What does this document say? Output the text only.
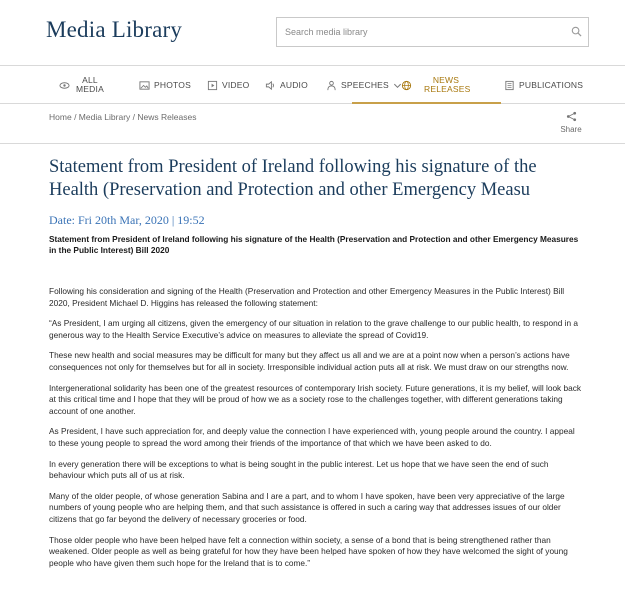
Media Library
Search media library
ALL MEDIA	PHOTOS	VIDEO	AUDIO	SPEECHES	NEWS RELEASES	PUBLICATIONS
Home / Media Library / News Releases
Share
Statement from President of Ireland following his signature of the Health (Preservation and Protection and other Emergency Measu
Date: Fri 20th Mar, 2020 | 19:52
Statement from President of Ireland following his signature of the Health (Preservation and Protection and other Emergency Measures in the Public Interest) Bill 2020

Following his consideration and signing of the Health (Preservation and Protection and other Emergency Measures in the Public Interest) Bill 2020, President Michael D. Higgins has released the following statement:

“As President, I am urging all citizens, given the emergency of our situation in relation to the grave challenge to our public health, to respond in a generous way to the Health Service Executive’s advice on measures to alleviate the spread of Covid19.

These new health and social measures may be difficult for many but they affect us all and we are at a point now when a person’s actions have consequences not only for themselves but for all in society. Irresponsible individual action puts all at risk. We must draw on our strengths now.

Intergenerational solidarity has been one of the greatest resources of contemporary Irish society. Future generations, it is my belief, will look back at this critical time and I hope that they will be proud of how we as a society rose to the challenges together, with different generations taking account of one another.

As President, I have such appreciation for, and deeply value the connection I have experienced with, young people around the country. I appeal to these young people to spread the word among their friends of the importance of that which we have been asked to do.

In every generation there will be exceptions to what is being sought in the public interest. Let us hope that we have seen the end of such behaviour which puts all of us at risk.

Many of the older people, of whose generation Sabina and I are a part, and to whom I have spoken, have been very appreciative of the large numbers of young people who are helping them, and that such assistance is offered in such a caring way that addresses issues of our older citizens that go far beyond the delivery of necessary groceries or food.

Those older people who have been helped have felt a connection within society, a sense of a bond that is being strengthened rather than weakened. Older people as well as being grateful for how they have been helped have spoken of how they have welcomed the sight of young people who have given them such hope for the Ireland that is to come.”
